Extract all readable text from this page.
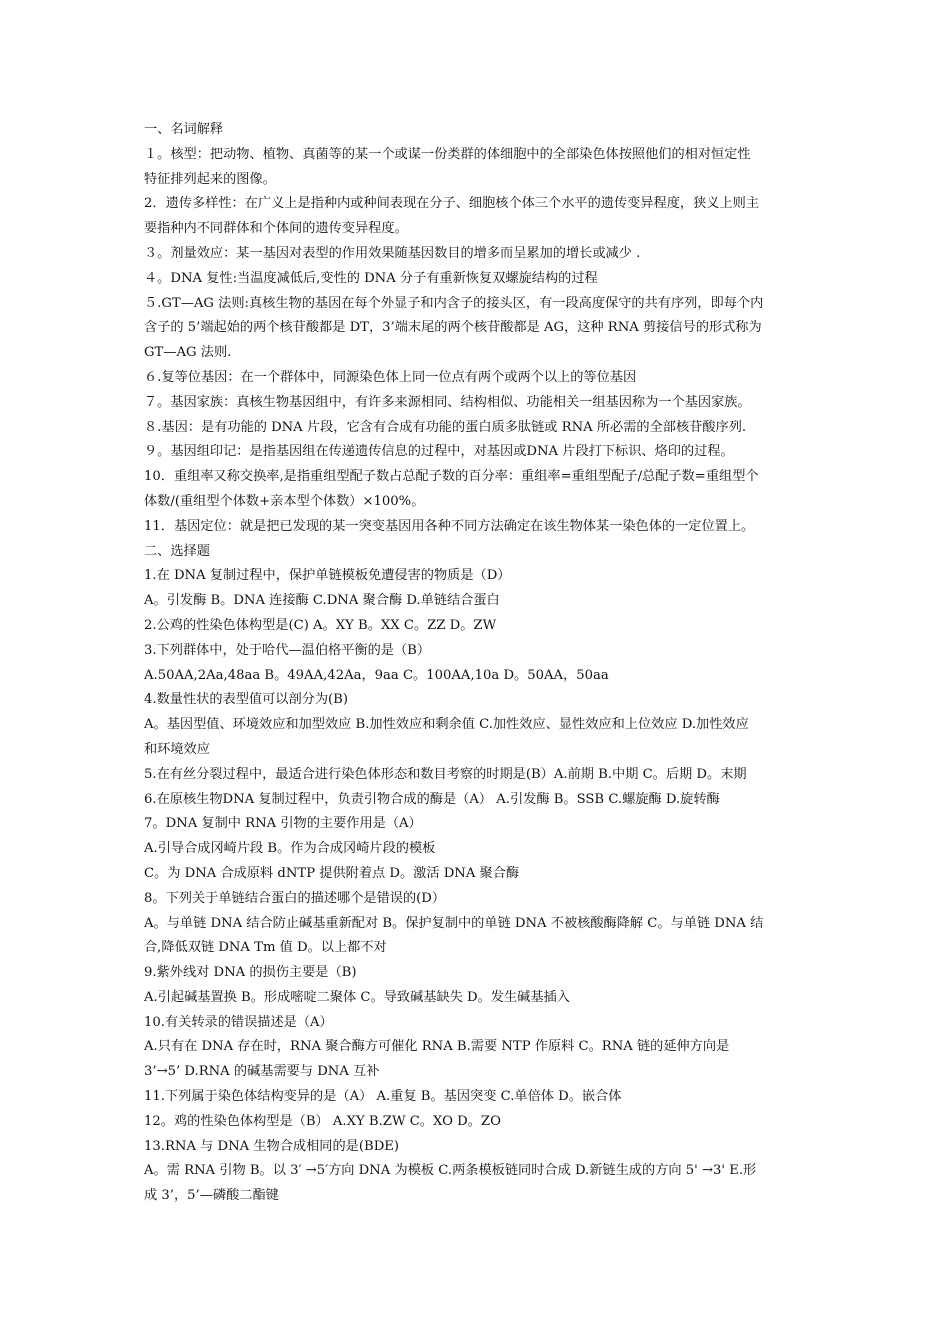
一、名词解释
１。核型：把动物、植物、真菌等的某一个或谋一份类群的体细胞中的全部染色体按照他们的相对恒定性
特征排列起来的图像。
2．遗传多样性：在广义上是指种内或种间表现在分子、细胞核个体三个水平的遗传变异程度，狭义上则主
要指种内不同群体和个体间的遗传变异程度。
３。剂量效应：某一基因对表型的作用效果随基因数目的增多而呈累加的增长或减少 .
４。DNA 复性:当温度减低后,变性的 DNA 分子有重新恢复双螺旋结构的过程
５.GT—AG 法则:真核生物的基因在每个外显子和内含子的接头区，有一段高度保守的共有序列，即每个内
含子的 5’端起始的两个核苷酸都是 DT，3’端末尾的两个核苷酸都是 AG，这种 RNA 剪接信号的形式称为
GT—AG 法则.
６.复等位基因：在一个群体中，同源染色体上同一位点有两个或两个以上的等位基因
７。基因家族：真核生物基因组中，有许多来源相同、结构相似、功能相关一组基因称为一个基因家族。
８.基因：是有功能的 DNA 片段，它含有合成有功能的蛋白质多肽链或 RNA 所必需的全部核苷酸序列.
９。基因组印记：是指基因组在传递遗传信息的过程中，对基因或DNA 片段打下标识、烙印的过程。
10．重组率又称交换率,是指重组型配子数占总配子数的百分率：重组率=重组型配子/总配子数=重组型个
体数/(重组型个体数+亲本型个体数）×100%。
11．基因定位：就是把已发现的某一突变基因用各种不同方法确定在该生物体某一染色体的一定位置上。
二、选择题
1.在 DNA 复制过程中，保护单链模板免遭侵害的物质是（D）
A。引发酶 B。DNA 连接酶 C.DNA 聚合酶 D.单链结合蛋白
2.公鸡的性染色体构型是(C) A。XY B。XX C。ZZ D。ZW
3.下列群体中，处于哈代—温伯格平衡的是（B）
A.50AA,2Aa,48aa B。49AA,42Aa，9aa C。100AA,10a D。50AA，50aa
4.数量性状的表型值可以剖分为(B)
A。基因型值、环境效应和加型效应 B.加性效应和剩余值 C.加性效应、显性效应和上位效应 D.加性效应
和环境效应
5.在有丝分裂过程中，最适合进行染色体形态和数目考察的时期是(B）A.前期 B.中期 C。后期 D。末期
6.在原核生物DNA 复制过程中，负责引物合成的酶是（A） A.引发酶 B。SSB C.螺旋酶 D.旋转酶
7。DNA 复制中 RNA 引物的主要作用是（A）
A.引导合成冈崎片段 B。作为合成冈崎片段的模板
C。为 DNA 合成原料 dNTP 提供附着点 D。激活 DNA 聚合酶
8。下列关于单链结合蛋白的描述哪个是错误的(D）
A。与单链 DNA 结合防止碱基重新配对 B。保护复制中的单链 DNA 不被核酸酶降解 C。与单链 DNA 结
合,降低双链 DNA Tm 值 D。以上都不对
9.紫外线对 DNA 的损伤主要是（B)
A.引起碱基置换 B。形成嘧啶二聚体 C。导致碱基缺失 D。发生碱基插入
10.有关转录的错误描述是（A）
A.只有在 DNA 存在时，RNA 聚合酶方可催化 RNA B.需要 NTP 作原料 C。RNA 链的延伸方向是
3’→5’ D.RNA 的碱基需要与 DNA 互补
11.下列属于染色体结构变异的是（A） A.重复 B。基因突变 C.单倍体 D。嵌合体
12。鸡的性染色体构型是（B） A.XY B.ZW C。XO D。ZO
13.RNA 与 DNA 生物合成相同的是(BDE)
A。需 RNA 引物 B。以 3′ →5′方向 DNA 为模板 C.两条模板链同时合成 D.新链生成的方向 5' →3' E.形
成 3’，5’—磷酸二酯键
